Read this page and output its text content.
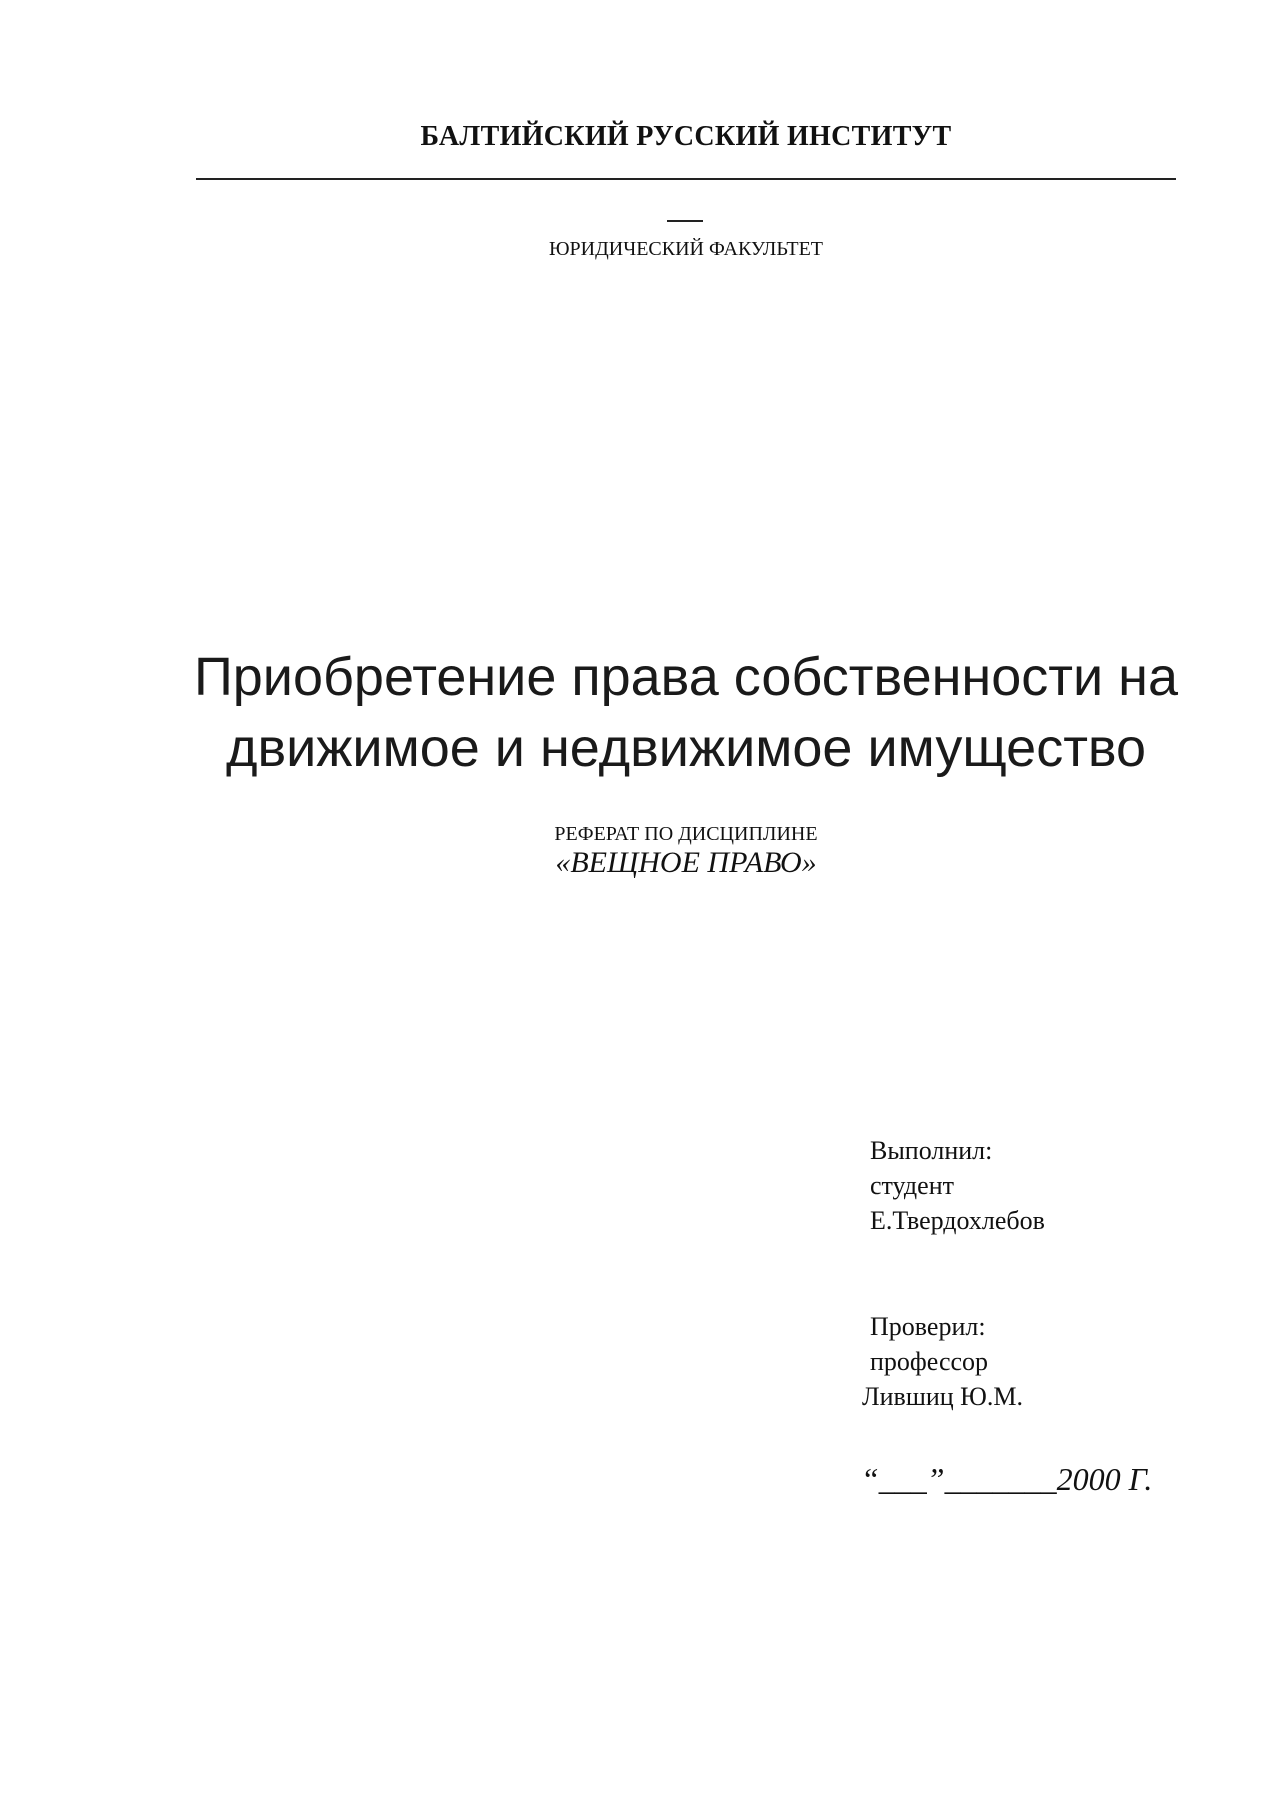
БАЛТИЙСКИЙ РУССКИЙ ИНСТИТУТ
ЮРИДИЧЕСКИЙ ФАКУЛЬТЕТ
Приобретение права собственности на
движимое и недвижимое имущество
РЕФЕРАТ ПО ДИСЦИПЛИНЕ
«ВЕЩНОЕ ПРАВО»
Выполнил:
студент
Е.Твердохлебов
Проверил:
профессор
Лившиц Ю.М.
“___”_______2000 Г.
